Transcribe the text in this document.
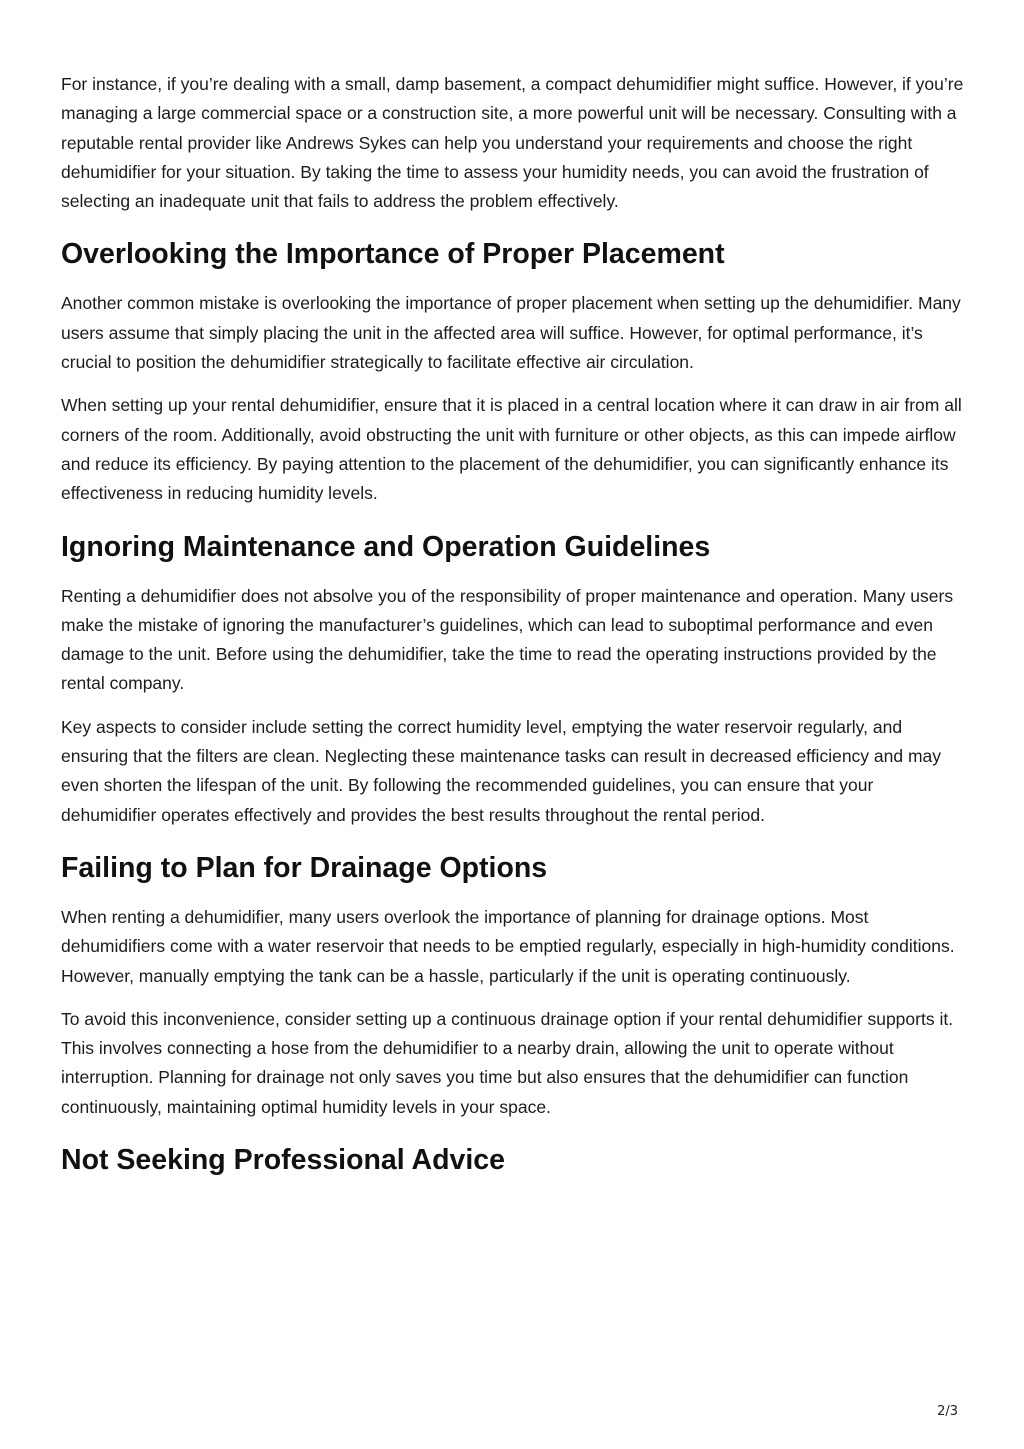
For instance, if you’re dealing with a small, damp basement, a compact dehumidifier might suffice. However, if you’re managing a large commercial space or a construction site, a more powerful unit will be necessary. Consulting with a reputable rental provider like Andrews Sykes can help you understand your requirements and choose the right dehumidifier for your situation. By taking the time to assess your humidity needs, you can avoid the frustration of selecting an inadequate unit that fails to address the problem effectively.

Overlooking the Importance of Proper Placement

Another common mistake is overlooking the importance of proper placement when setting up the dehumidifier. Many users assume that simply placing the unit in the affected area will suffice. However, for optimal performance, it’s crucial to position the dehumidifier strategically to facilitate effective air circulation.

When setting up your rental dehumidifier, ensure that it is placed in a central location where it can draw in air from all corners of the room. Additionally, avoid obstructing the unit with furniture or other objects, as this can impede airflow and reduce its efficiency. By paying attention to the placement of the dehumidifier, you can significantly enhance its effectiveness in reducing humidity levels.

Ignoring Maintenance and Operation Guidelines

Renting a dehumidifier does not absolve you of the responsibility of proper maintenance and operation. Many users make the mistake of ignoring the manufacturer’s guidelines, which can lead to suboptimal performance and even damage to the unit. Before using the dehumidifier, take the time to read the operating instructions provided by the rental company.

Key aspects to consider include setting the correct humidity level, emptying the water reservoir regularly, and ensuring that the filters are clean. Neglecting these maintenance tasks can result in decreased efficiency and may even shorten the lifespan of the unit. By following the recommended guidelines, you can ensure that your dehumidifier operates effectively and provides the best results throughout the rental period.

Failing to Plan for Drainage Options

When renting a dehumidifier, many users overlook the importance of planning for drainage options. Most dehumidifiers come with a water reservoir that needs to be emptied regularly, especially in high-humidity conditions. However, manually emptying the tank can be a hassle, particularly if the unit is operating continuously.

To avoid this inconvenience, consider setting up a continuous drainage option if your rental dehumidifier supports it. This involves connecting a hose from the dehumidifier to a nearby drain, allowing the unit to operate without interruption. Planning for drainage not only saves you time but also ensures that the dehumidifier can function continuously, maintaining optimal humidity levels in your space.

Not Seeking Professional Advice
2/3
